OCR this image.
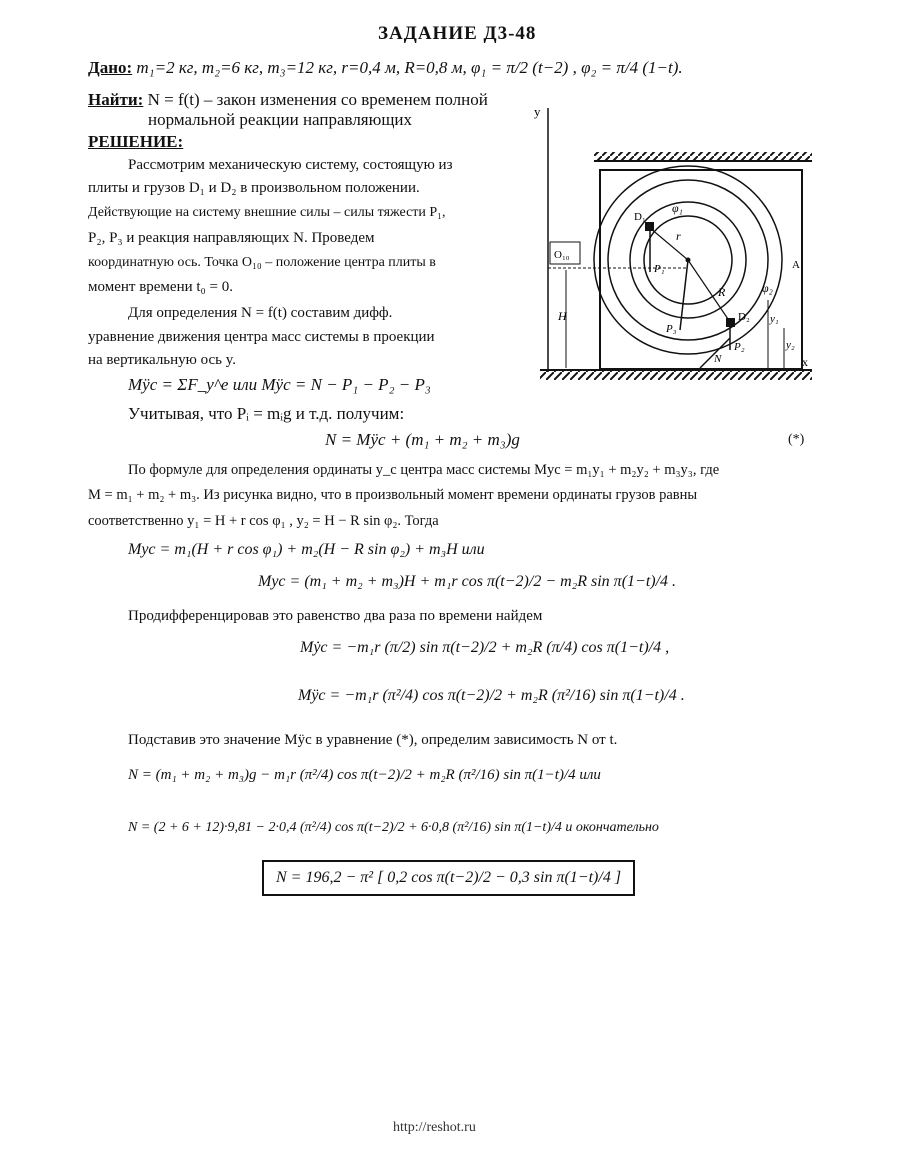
ЗАДАНИЕ Д3-48
Дано: m₁=2 кг, m₂=6 кг, m₃=12 кг, r=0,4 м, R=0,8 м, φ₁ = π/2 (t−2) , φ₂ = π/4 (1−t).
Найти: N = f(t) – закон изменения со временем полной
нормальной реакции направляющих
РЕШЕНИЕ:
Рассмотрим механическую систему, состоящую из
плиты и грузов D₁ и D₂ в произвольном положении.
Действующие на систему внешние силы – силы тяжести P₁,
P₂, P₃ и реакция направляющих N. Проведем
координатную ось. Точка O₁₀ – положение центра плиты в
момент времени t₀ = 0.
Для определения N = f(t) составим дифф.
уравнение движения центра масс системы в проекции
на вертикальную ось y.
Mÿc = ΣF_y^e или Mÿc = N − P₁ − P₂ − P₃
Учитывая, что Pᵢ = mᵢg и т.д. получим:
N = Mÿc + (m₁ + m₂ + m₃)g	(*)
По формуле для определения ординаты y_c центра масс системы Myc = m₁y₁ + m₂y₂ + m₃y₃, где
M = m₁ + m₂ + m₃. Из рисунка видно, что в произвольный момент времени ординаты грузов равны
соответственно y₁ = H + r cos φ₁ , y₂ = H − R sin φ₂. Тогда
Myc = m₁(H + r cos φ₁) + m₂(H − R sin φ₂) + m₃H или
Myc = (m₁ + m₂ + m₃)H + m₁r cos π(t−2)/2 − m₂R sin π(1−t)/4 .
Продифференцировав это равенство два раза по времени найдем
Mẏc = −m₁r (π/2) sin π(t−2)/2 + m₂R (π/4) cos π(1−t)/4 ,
Mÿc = −m₁r (π²/4) cos π(t−2)/2 + m₂R (π²/16) sin π(1−t)/4 .
Подставив это значение Mÿc в уравнение (*), определим зависимость N от t.
N = (m₁ + m₂ + m₃)g − m₁r (π²/4) cos π(t−2)/2 + m₂R (π²/16) sin π(1−t)/4 или
N = (2 + 6 + 12)·9,81 − 2·0,4 (π²/4) cos π(t−2)/2 + 6·0,8 (π²/16) sin π(1−t)/4 и окончательно
N = 196,2 − π² [ 0,2 cos π(t−2)/2 − 0,3 sin π(1−t)/4 ]
http://reshot.ru
y
x
r
R
φ₁
φ₂
D₁
D₂
P₁
P₂
P₃
N
y₁
y₂
A
O₁₀
H
